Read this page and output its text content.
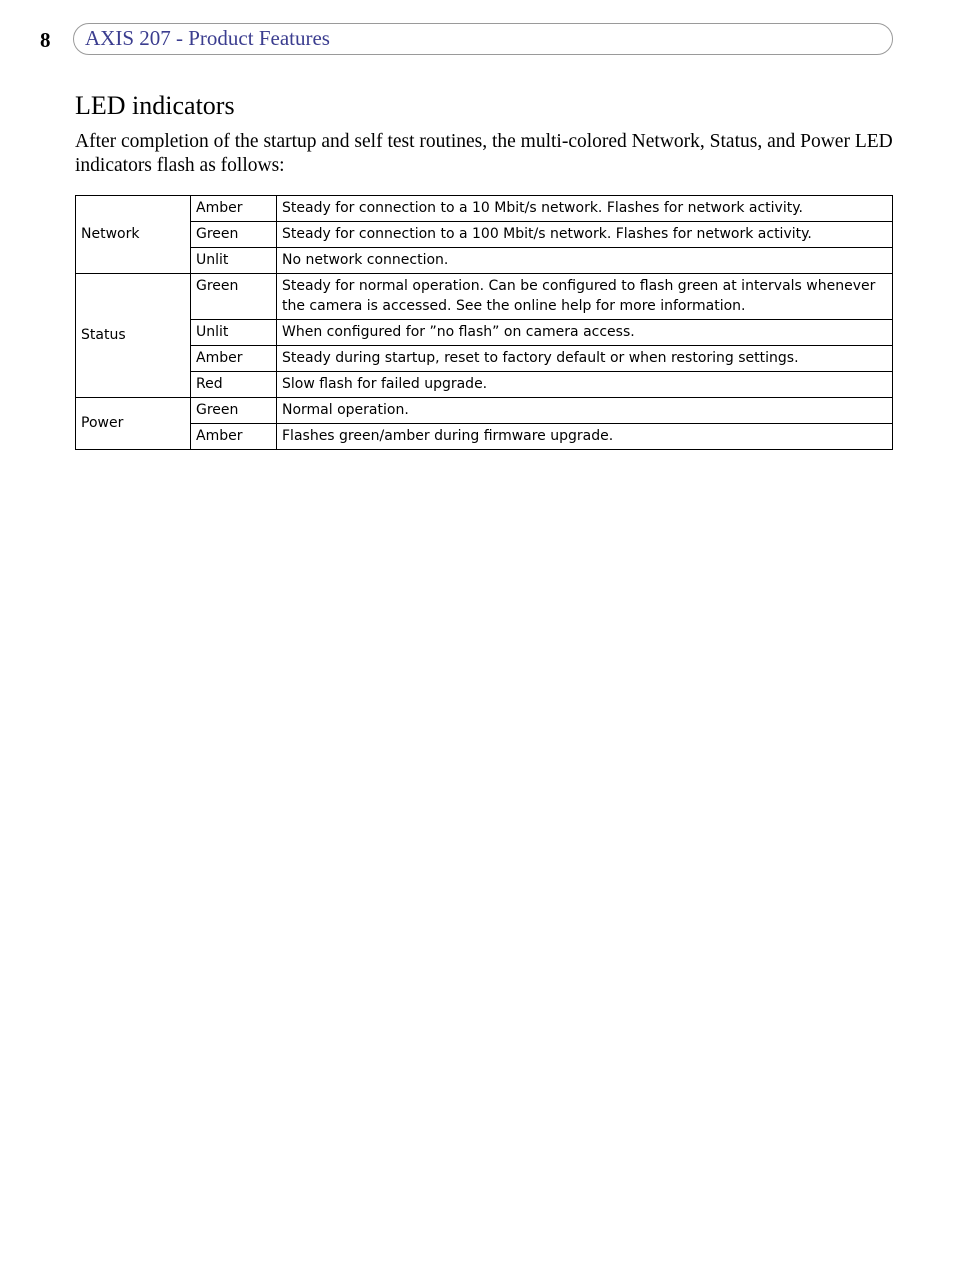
8 AXIS 207 - Product Features
LED indicators

After completion of the startup and self test routines, the multi-colored Network, Status, and Power LED indicators flash as follows:

Network	Amber	Steady for connection to a 10 Mbit/s network. Flashes for network activity.
	Green	Steady for connection to a 100 Mbit/s network. Flashes for network activity.
	Unlit	No network connection.
Status	Green	Steady for normal operation. Can be configured to flash green at intervals whenever the camera is accessed. See the online help for more information.
	Unlit	When configured for ”no flash” on camera access.
	Amber	Steady during startup, reset to factory default or when restoring settings.
	Red	Slow flash for failed upgrade.
Power	Green	Normal operation.
	Amber	Flashes green/amber during firmware upgrade.
